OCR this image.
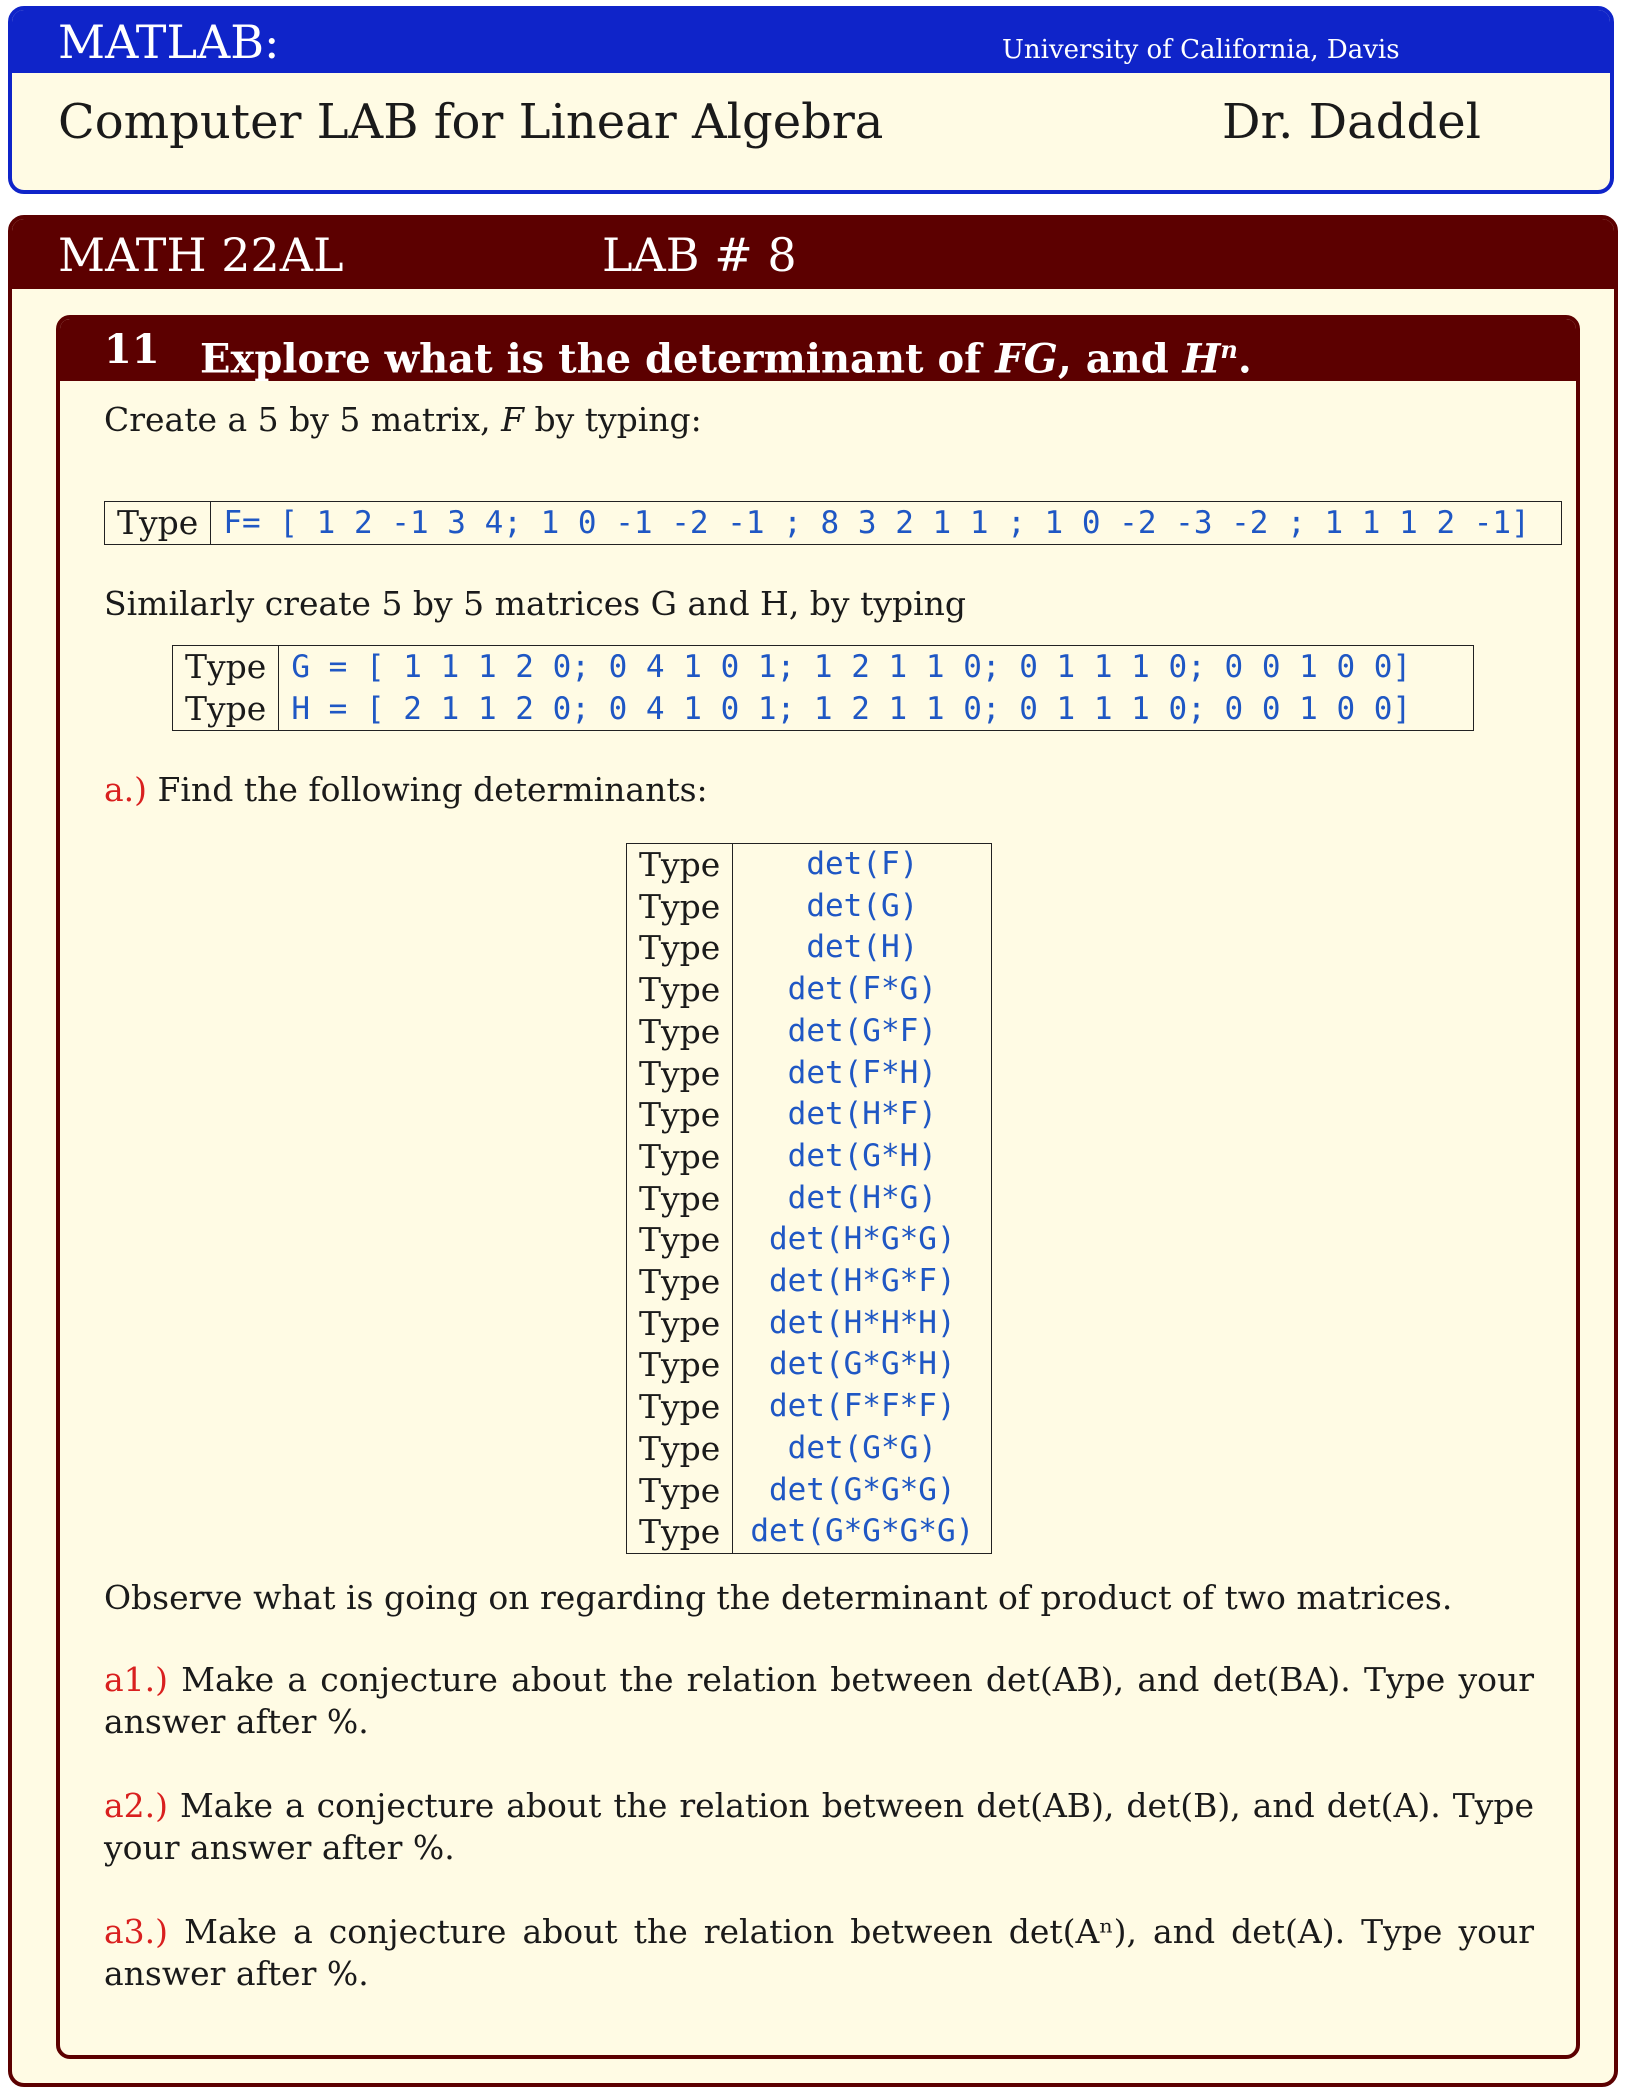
MATLAB:	University of California, Davis
Computer LAB for Linear Algebra	Dr. Daddel
MATH 22AL	LAB # 8
11 Explore what is the determinant of FG, and $H^n$.
Create a 5 by 5 matrix, F by typing:
Type	F= [ 1 2 -1 3 4; 1 0 -1 -2 -1 ; 8 3 2 1 1 ; 1 0 -2 -3 -2 ; 1 1 1 2 -1]
Similarly create 5 by 5 matrices G and H, by typing
Type	G = [ 1 1 1 2 0; 0 4 1 0 1; 1 2 1 1 0; 0 1 1 1 0; 0 0 1 0 0]
Type	H = [ 2 1 1 2 0; 0 4 1 0 1; 1 2 1 1 0; 0 1 1 1 0; 0 0 1 0 0]
a.) Find the following determinants:
Type	det(F)
Type	det(G)
Type	det(H)
Type	det(F*G)
Type	det(G*F)
Type	det(F*H)
Type	det(H*F)
Type	det(G*H)
Type	det(H*G)
Type	det(H*G*G)
Type	det(H*G*F)
Type	det(H*H*H)
Type	det(G*G*H)
Type	det(F*F*F)
Type	det(G*G)
Type	det(G*G*G)
Type	det(G*G*G*G)
Observe what is going on regarding the determinant of product of two matrices.
a1.) Make a conjecture about the relation between det(AB), and det(BA). Type your answer after %.
a2.) Make a conjecture about the relation between det(AB), det(B), and det(A). Type your answer after %.
a3.) Make a conjecture about the relation between det(Aⁿ), and det(A). Type your answer after %.
